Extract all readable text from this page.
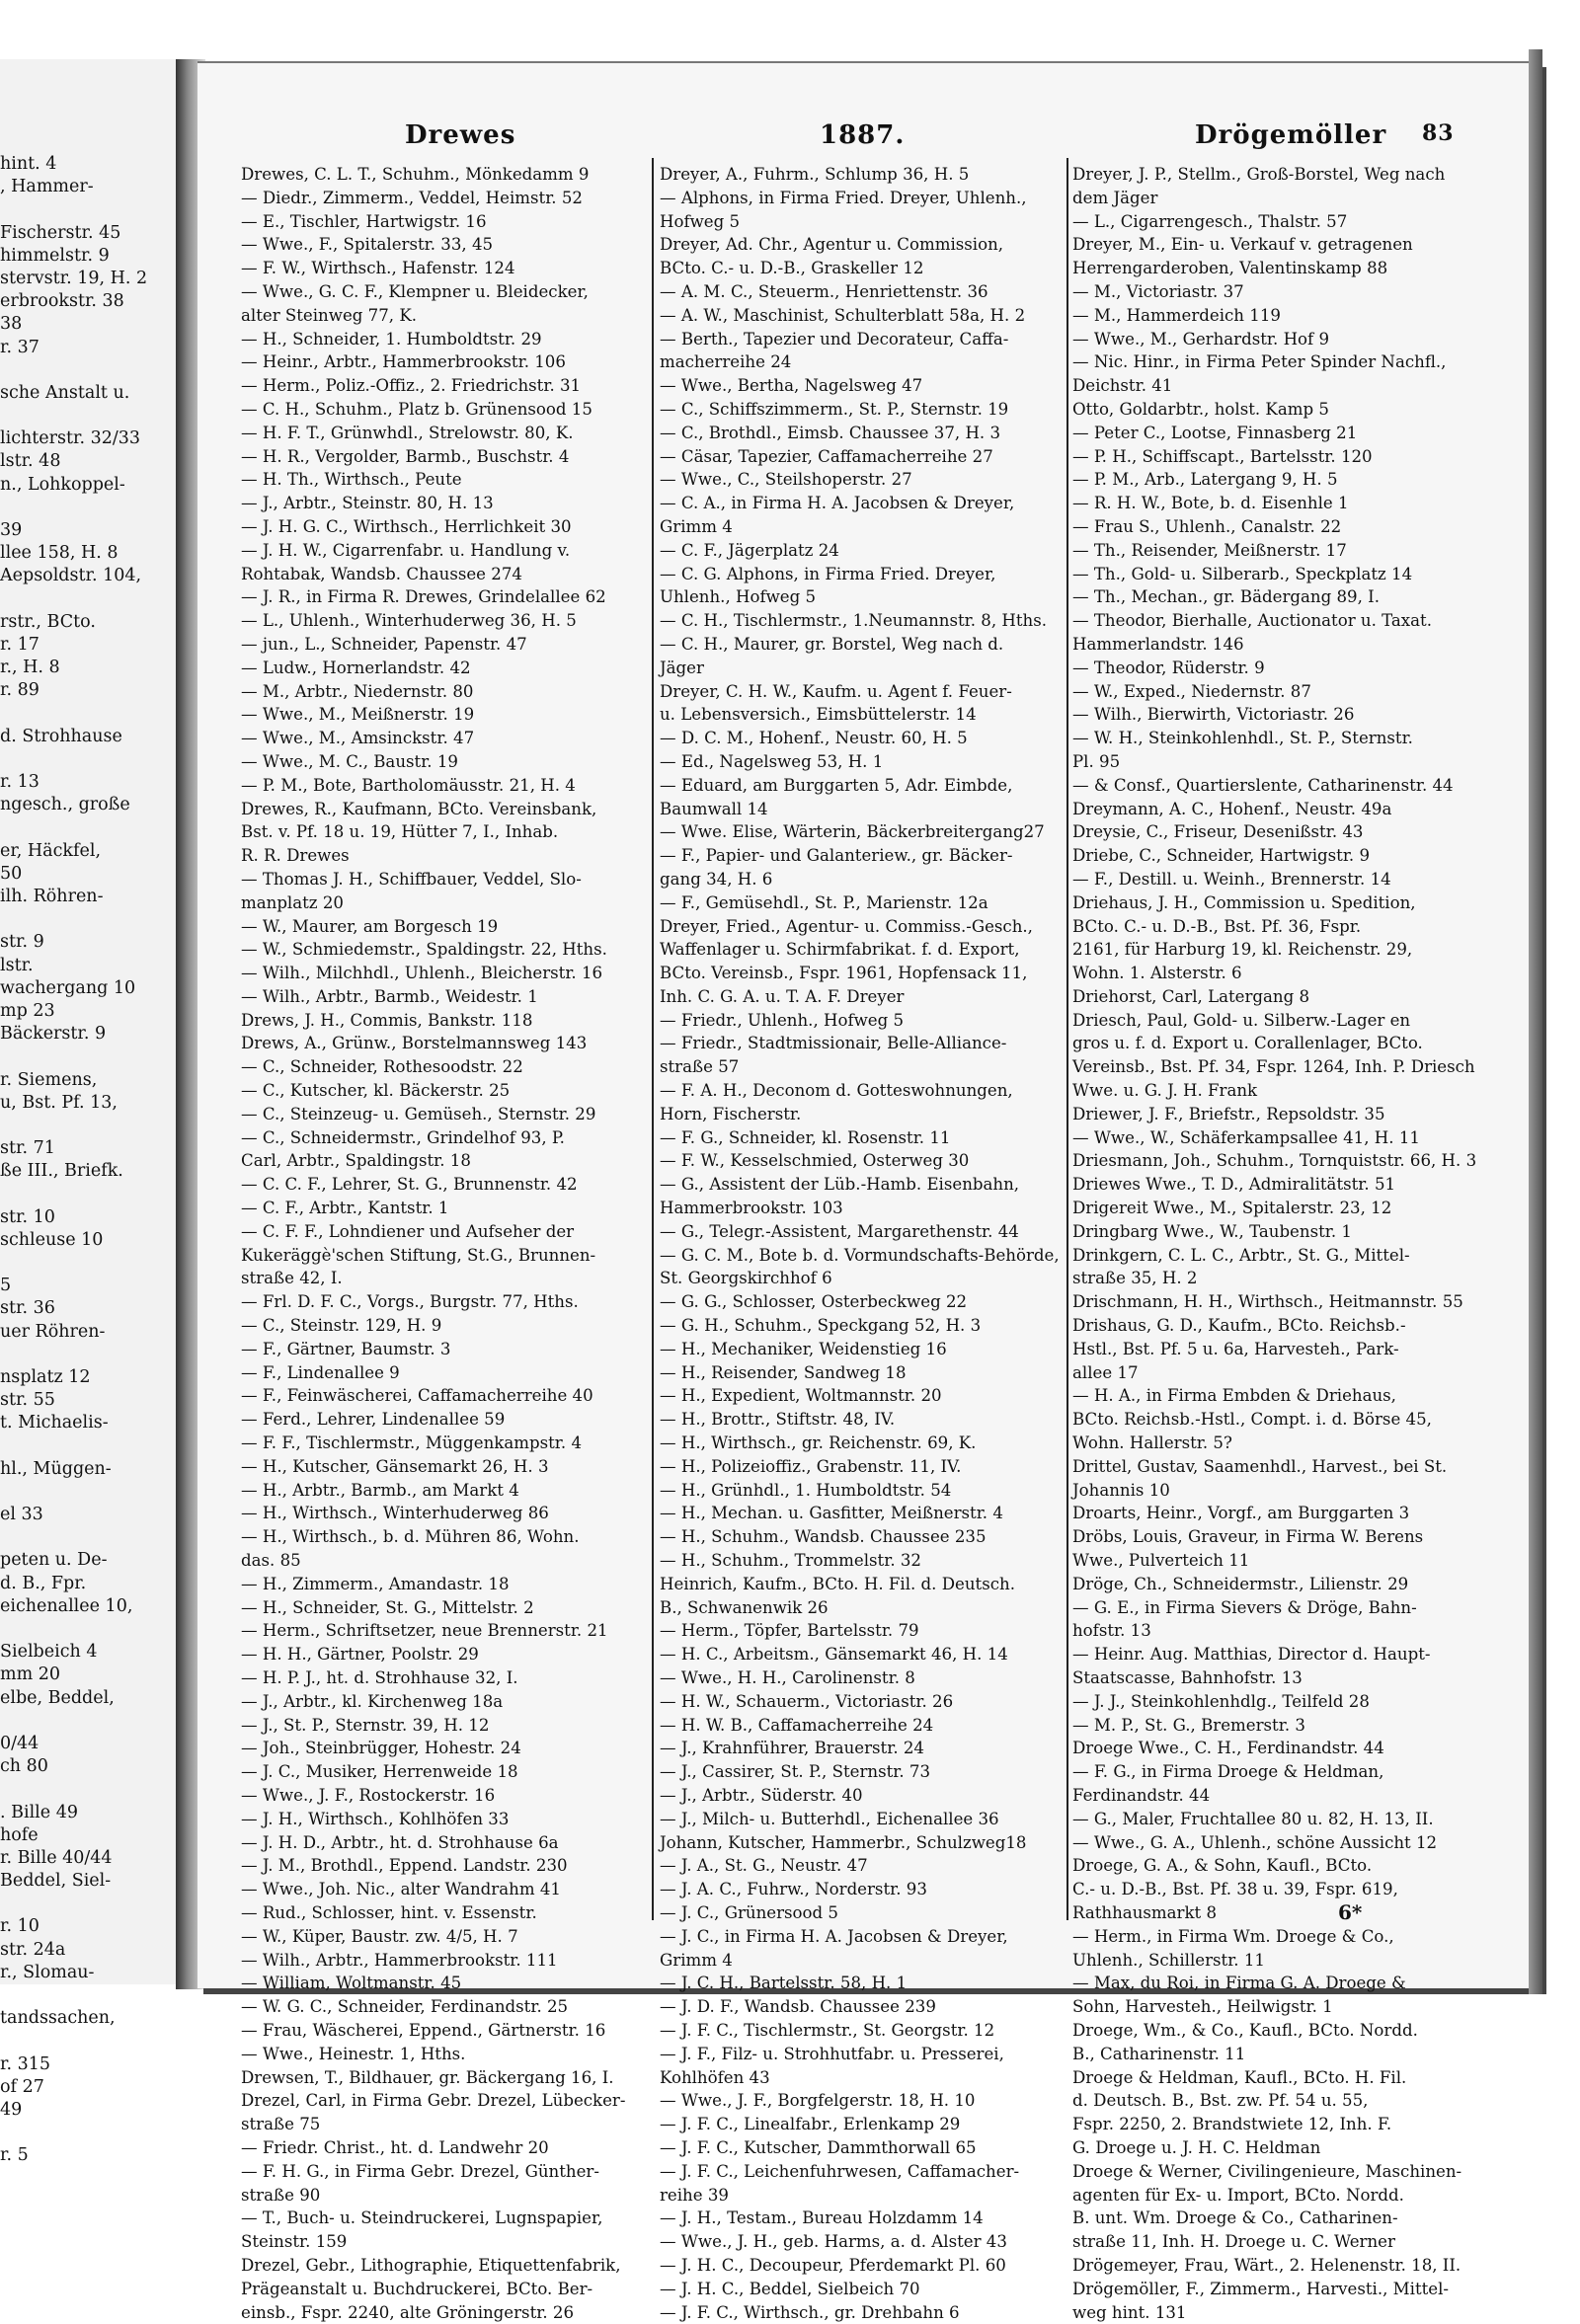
hint. 4
, Hammer-
Fischerstr. 45
himmelstr. 9
stervstr. 19, H. 2
erbrookstr. 38
38
r. 37
sche Anstalt u.
lichterstr. 32/33
lstr. 48
n., Lohkoppel-
39
llee 158, H. 8
Aepsoldstr. 104,
rstr., BCto.
r. 17
r., H. 8
r. 89
d. Strohhause
r. 13
ngesch., große
er, Häckfel,
50
ilh. Röhren-
str. 9
lstr.
wachergang 10
mp 23
Bäckerstr. 9
r. Siemens,
u, Bst. Pf. 13,
str. 71
ße III., Briefk.
str. 10
schleuse 10
5
str. 36
uer Röhren-
nsplatz 12
str. 55
t. Michaelis-
hl., Müggen-
el 33
peten u. De-
d. B., Fpr.
eichenallee 10,
Sielbeich 4
mm 20
elbe, Beddel,
0/44
ch 80
. Bille 49
hofe
r. Bille 40/44
Beddel, Siel-
r. 10
str. 24a
r., Slomau-
tandssachen,
r. 315
of 27
49
r. 5
Drewes	1887.	Drögemöller 83
Drewes, C. L. T., Schuhm., Mönkedamm 9
— Diedr., Zimmerm., Veddel, Heimstr. 52
— E., Tischler, Hartwigstr. 16
— Wwe., F., Spitalerstr. 33, 45
— F. W., Wirthsch., Hafenstr. 124
— Wwe., G. C. F., Klempner u. Bleidecker,
alter Steinweg 77, K.
— H., Schneider, 1. Humboldtstr. 29
— Heinr., Arbtr., Hammerbrookstr. 106
— Herm., Poliz.-Offiz., 2. Friedrichstr. 31
— C. H., Schuhm., Platz b. Grünensood 15
— H. F. T., Grünwhdl., Strelowstr. 80, K.
— H. R., Vergolder, Barmb., Buschstr. 4
— H. Th., Wirthsch., Peute
— J., Arbtr., Steinstr. 80, H. 13
— J. H. G. C., Wirthsch., Herrlichkeit 30
— J. H. W., Cigarrenfabr. u. Handlung v.
Rohtabak, Wandsb. Chaussee 274
— J. R., in Firma R. Drewes, Grindelallee 62
— L., Uhlenh., Winterhuderweg 36, H. 5
— jun., L., Schneider, Papenstr. 47
— Ludw., Hornerlandstr. 42
— M., Arbtr., Niedernstr. 80
— Wwe., M., Meißnerstr. 19
— Wwe., M., Amsinckstr. 47
— Wwe., M. C., Baustr. 19
— P. M., Bote, Bartholomäusstr. 21, H. 4
Drewes, R., Kaufmann, BCto. Vereinsbank,
Bst. v. Pf. 18 u. 19, Hütter 7, I., Inhab.
R. R. Drewes
— Thomas J. H., Schiffbauer, Veddel, Slo-
manplatz 20
— W., Maurer, am Borgesch 19
— W., Schmiedemstr., Spaldingstr. 22, Hths.
— Wilh., Milchhdl., Uhlenh., Bleicherstr. 16
— Wilh., Arbtr., Barmb., Weidestr. 1
Drews, J. H., Commis, Bankstr. 118
Drews, A., Grünw., Borstelmannsweg 143
— C., Schneider, Rothesoodstr. 22
— C., Kutscher, kl. Bäckerstr. 25
— C., Steinzeug- u. Gemüseh., Sternstr. 29
— C., Schneidermstr., Grindelhof 93, P.
Carl, Arbtr., Spaldingstr. 18
— C. C. F., Lehrer, St. G., Brunnenstr. 42
— C. F., Arbtr., Kantstr. 1
— C. F. F., Lohndiener und Aufseher der
Kukeräggè'schen Stiftung, St.G., Brunnen-
straße 42, I.
— Frl. D. F. C., Vorgs., Burgstr. 77, Hths.
— C., Steinstr. 129, H. 9
— F., Gärtner, Baumstr. 3
— F., Lindenallee 9
— F., Feinwäscherei, Caffamacherreihe 40
— Ferd., Lehrer, Lindenallee 59
— F. F., Tischlermstr., Müggenkampstr. 4
— H., Kutscher, Gänsemarkt 26, H. 3
— H., Arbtr., Barmb., am Markt 4
— H., Wirthsch., Winterhuderweg 86
— H., Wirthsch., b. d. Mühren 86, Wohn.
das. 85
— H., Zimmerm., Amandastr. 18
— H., Schneider, St. G., Mittelstr. 2
— Herm., Schriftsetzer, neue Brennerstr. 21
— H. H., Gärtner, Poolstr. 29
— H. P. J., ht. d. Strohhause 32, I.
— J., Arbtr., kl. Kirchenweg 18a
— J., St. P., Sternstr. 39, H. 12
— Joh., Steinbrügger, Hohestr. 24
— J. C., Musiker, Herrenweide 18
— Wwe., J. F., Rostockerstr. 16
— J. H., Wirthsch., Kohlhöfen 33
— J. H. D., Arbtr., ht. d. Strohhause 6a
— J. M., Brothdl., Eppend. Landstr. 230
— Wwe., Joh. Nic., alter Wandrahm 41
— Rud., Schlosser, hint. v. Essenstr.
— W., Küper, Baustr. zw. 4/5, H. 7
— Wilh., Arbtr., Hammerbrookstr. 111
— William, Woltmanstr. 45
— W. G. C., Schneider, Ferdinandstr. 25
— Frau, Wäscherei, Eppend., Gärtnerstr. 16
— Wwe., Heinestr. 1, Hths.
Drewsen, T., Bildhauer, gr. Bäckergang 16, I.
Drezel, Carl, in Firma Gebr. Drezel, Lübecker-
straße 75
— Friedr. Christ., ht. d. Landwehr 20
— F. H. G., in Firma Gebr. Drezel, Günther-
straße 90
— T., Buch- u. Steindruckerei, Lugnspapier,
Steinstr. 159
Drezel, Gebr., Lithographie, Etiquettenfabrik,
Prägeanstalt u. Buchdruckerei, BCto. Ber-
einsb., Fspr. 2240, alte Gröningerstr. 26
Dreyer, A., Fuhrm., Schlump 36, H. 5
— Alphons, in Firma Fried. Dreyer, Uhlenh.,
Hofweg 5
Dreyer, Ad. Chr., Agentur u. Commission,
BCto. C.- u. D.-B., Graskeller 12
— A. M. C., Steuerm., Henriettenstr. 36
— A. W., Maschinist, Schulterblatt 58a, H. 2
— Berth., Tapezier und Decorateur, Caffa-
macherreihe 24
— Wwe., Bertha, Nagelsweg 47
— C., Schiffszimmerm., St. P., Sternstr. 19
— C., Brothdl., Eimsb. Chaussee 37, H. 3
— Cäsar, Tapezier, Caffamacherreihe 27
— Wwe., C., Steilshoperstr. 27
— C. A., in Firma H. A. Jacobsen & Dreyer,
Grimm 4
— C. F., Jägerplatz 24
— C. G. Alphons, in Firma Fried. Dreyer,
Uhlenh., Hofweg 5
— C. H., Tischlermstr., 1.Neumannstr. 8, Hths.
— C. H., Maurer, gr. Borstel, Weg nach d.
Jäger
Dreyer, C. H. W., Kaufm. u. Agent f. Feuer-
u. Lebensversich., Eimsbüttelerstr. 14
— D. C. M., Hohenf., Neustr. 60, H. 5
— Ed., Nagelsweg 53, H. 1
— Eduard, am Burggarten 5, Adr. Eimbde,
Baumwall 14
— Wwe. Elise, Wärterin, Bäckerbreitergang27
— F., Papier- und Galanteriew., gr. Bäcker-
gang 34, H. 6
— F., Gemüsehdl., St. P., Marienstr. 12a
Dreyer, Fried., Agentur- u. Commiss.-Gesch.,
Waffenlager u. Schirmfabrikat. f. d. Export,
BCto. Vereinsb., Fspr. 1961, Hopfensack 11,
Inh. C. G. A. u. T. A. F. Dreyer
— Friedr., Uhlenh., Hofweg 5
— Friedr., Stadtmissionair, Belle-Alliance-
straße 57
— F. A. H., Deconom d. Gotteswohnungen,
Horn, Fischerstr.
— F. G., Schneider, kl. Rosenstr. 11
— F. W., Kesselschmied, Osterweg 30
— G., Assistent der Lüb.-Hamb. Eisenbahn,
Hammerbrookstr. 103
— G., Telegr.-Assistent, Margarethenstr. 44
— G. C. M., Bote b. d. Vormundschafts-Behörde,
St. Georgskirchhof 6
— G. G., Schlosser, Osterbeckweg 22
— G. H., Schuhm., Speckgang 52, H. 3
— H., Mechaniker, Weidenstieg 16
— H., Reisender, Sandweg 18
— H., Expedient, Woltmannstr. 20
— H., Brottr., Stiftstr. 48, IV.
— H., Wirthsch., gr. Reichenstr. 69, K.
— H., Polizeioffiz., Grabenstr. 11, IV.
— H., Grünhdl., 1. Humboldtstr. 54
— H., Mechan. u. Gasfitter, Meißnerstr. 4
— H., Schuhm., Wandsb. Chaussee 235
— H., Schuhm., Trommelstr. 32
Heinrich, Kaufm., BCto. H. Fil. d. Deutsch.
B., Schwanenwik 26
— Herm., Töpfer, Bartelsstr. 79
— H. C., Arbeitsm., Gänsemarkt 46, H. 14
— Wwe., H. H., Carolinenstr. 8
— H. W., Schauerm., Victoriastr. 26
— H. W. B., Caffamacherreihe 24
— J., Krahnführer, Brauerstr. 24
— J., Cassirer, St. P., Sternstr. 73
— J., Arbtr., Süderstr. 40
— J., Milch- u. Butterhdl., Eichenallee 36
Johann, Kutscher, Hammerbr., Schulzweg18
— J. A., St. G., Neustr. 47
— J. A. C., Fuhrw., Norderstr. 93
— J. C., Grünersood 5
— J. C., in Firma H. A. Jacobsen & Dreyer,
Grimm 4
— J. C. H., Bartelsstr. 58, H. 1
— J. D. F., Wandsb. Chaussee 239
— J. F. C., Tischlermstr., St. Georgstr. 12
— J. F., Filz- u. Strohhutfabr. u. Presserei,
Kohlhöfen 43
— Wwe., J. F., Borgfelgerstr. 18, H. 10
— J. F. C., Linealfabr., Erlenkamp 29
— J. F. C., Kutscher, Dammthorwall 65
— J. F. C., Leichenfuhrwesen, Caffamacher-
reihe 39
— J. H., Testam., Bureau Holzdamm 14
— Wwe., J. H., geb. Harms, a. d. Alster 43
— J. H. C., Decoupeur, Pferdemarkt Pl. 60
— J. H. C., Beddel, Sielbeich 70
— J. F. C., Wirthsch., gr. Drehbahn 6
Dreyer, J. P., Stellm., Groß-Borstel, Weg nach
dem Jäger
— L., Cigarrengesch., Thalstr. 57
Dreyer, M., Ein- u. Verkauf v. getragenen
Herrengarderoben, Valentinskamp 88
— M., Victoriastr. 37
— M., Hammerdeich 119
— Wwe., M., Gerhardstr. Hof 9
— Nic. Hinr., in Firma Peter Spinder Nachfl.,
Deichstr. 41
Otto, Goldarbtr., holst. Kamp 5
— Peter C., Lootse, Finnasberg 21
— P. H., Schiffscapt., Bartelsstr. 120
— P. M., Arb., Latergang 9, H. 5
— R. H. W., Bote, b. d. Eisenhle 1
— Frau S., Uhlenh., Canalstr. 22
— Th., Reisender, Meißnerstr. 17
— Th., Gold- u. Silberarb., Speckplatz 14
— Th., Mechan., gr. Bädergang 89, I.
— Theodor, Bierhalle, Auctionator u. Taxat.
Hammerlandstr. 146
— Theodor, Rüderstr. 9
— W., Exped., Niedernstr. 87
— Wilh., Bierwirth, Victoriastr. 26
— W. H., Steinkohlenhdl., St. P., Sternstr.
Pl. 95
— & Consf., Quartierslente, Catharinenstr. 44
Dreymann, A. C., Hohenf., Neustr. 49a
Dreysie, C., Friseur, Desenißstr. 43
Driebe, C., Schneider, Hartwigstr. 9
— F., Destill. u. Weinh., Brennerstr. 14
Driehaus, J. H., Commission u. Spedition,
BCto. C.- u. D.-B., Bst. Pf. 36, Fspr.
2161, für Harburg 19, kl. Reichenstr. 29,
Wohn. 1. Alsterstr. 6
Driehorst, Carl, Latergang 8
Driesch, Paul, Gold- u. Silberw.-Lager en
gros u. f. d. Export u. Corallenlager, BCto.
Vereinsb., Bst. Pf. 34, Fspr. 1264, Inh. P. Driesch
Wwe. u. G. J. H. Frank
Driewer, J. F., Briefstr., Repsoldstr. 35
— Wwe., W., Schäferkampsallee 41, H. 11
Driesmann, Joh., Schuhm., Tornquiststr. 66, H. 3
Driewes Wwe., T. D., Admiralitätstr. 51
Drigereit Wwe., M., Spitalerstr. 23, 12
Dringbarg Wwe., W., Taubenstr. 1
Drinkgern, C. L. C., Arbtr., St. G., Mittel-
straße 35, H. 2
Drischmann, H. H., Wirthsch., Heitmannstr. 55
Drishaus, G. D., Kaufm., BCto. Reichsb.-
Hstl., Bst. Pf. 5 u. 6a, Harvesteh., Park-
allee 17
— H. A., in Firma Embden & Driehaus,
BCto. Reichsb.-Hstl., Compt. i. d. Börse 45,
Wohn. Hallerstr. 5?
Drittel, Gustav, Saamenhdl., Harvest., bei St.
Johannis 10
Droarts, Heinr., Vorgf., am Burggarten 3
Dröbs, Louis, Graveur, in Firma W. Berens
Wwe., Pulverteich 11
Dröge, Ch., Schneidermstr., Lilienstr. 29
— G. E., in Firma Sievers & Dröge, Bahn-
hofstr. 13
— Heinr. Aug. Matthias, Director d. Haupt-
Staatscasse, Bahnhofstr. 13
— J. J., Steinkohlenhdlg., Teilfeld 28
— M. P., St. G., Bremerstr. 3
Droege Wwe., C. H., Ferdinandstr. 44
— F. G., in Firma Droege & Heldman,
Ferdinandstr. 44
— G., Maler, Fruchtallee 80 u. 82, H. 13, II.
— Wwe., G. A., Uhlenh., schöne Aussicht 12
Droege, G. A., & Sohn, Kaufl., BCto.
C.- u. D.-B., Bst. Pf. 38 u. 39, Fspr. 619,
Rathhausmarkt 8
— Herm., in Firma Wm. Droege & Co.,
Uhlenh., Schillerstr. 11
— Max, du Roi, in Firma G. A. Droege &
Sohn, Harvesteh., Heilwigstr. 1
Droege, Wm., & Co., Kaufl., BCto. Nordd.
B., Catharinenstr. 11
Droege & Heldman, Kaufl., BCto. H. Fil.
d. Deutsch. B., Bst. zw. Pf. 54 u. 55,
Fspr. 2250, 2. Brandstwiete 12, Inh. F.
G. Droege u. J. H. C. Heldman
Droege & Werner, Civilingenieure, Maschinen-
agenten für Ex- u. Import, BCto. Nordd.
B. unt. Wm. Droege & Co., Catharinen-
straße 11, Inh. H. Droege u. C. Werner
Drögemeyer, Frau, Wärt., 2. Helenenstr. 18, II.
Drögemöller, F., Zimmerm., Harvesti., Mittel-
weg hint. 131
6*
